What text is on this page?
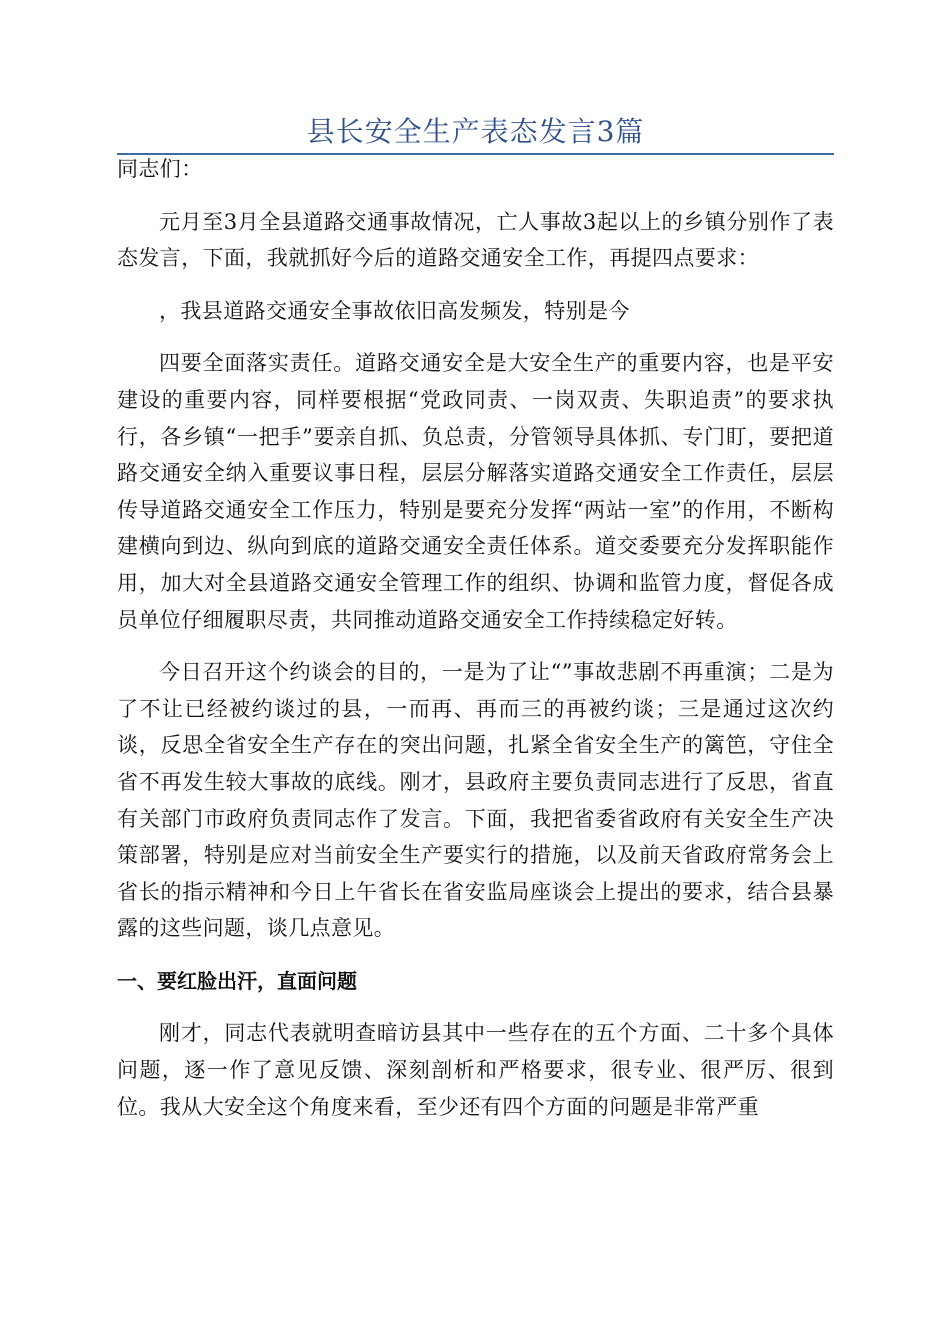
县长安全生产表态发言3篇

同志们：

元月至3月全县道路交通事故情况，亡人事故3起以上的乡镇分别作了表态发言，下面，我就抓好今后的道路交通安全工作，再提四点要求：

，我县道路交通安全事故依旧高发频发，特别是今

四要全面落实责任。道路交通安全是大安全生产的重要内容，也是平安建设的重要内容，同样要根据“党政同责、一岗双责、失职追责”的要求执行，各乡镇“一把手”要亲自抓、负总责，分管领导具体抓、专门盯，要把道路交通安全纳入重要议事日程，层层分解落实道路交通安全工作责任，层层传导道路交通安全工作压力，特别是要充分发挥“两站一室”的作用，不断构建横向到边、纵向到底的道路交通安全责任体系。道交委要充分发挥职能作用，加大对全县道路交通安全管理工作的组织、协调和监管力度，督促各成员单位仔细履职尽责，共同推动道路交通安全工作持续稳定好转。

今日召开这个约谈会的目的，一是为了让“”事故悲剧不再重演；二是为了不让已经被约谈过的县，一而再、再而三的再被约谈；三是通过这次约谈，反思全省安全生产存在的突出问题，扎紧全省安全生产的篱笆，守住全省不再发生较大事故的底线。刚才，县政府主要负责同志进行了反思，省直有关部门市政府负责同志作了发言。下面，我把省委省政府有关安全生产决策部署，特别是应对当前安全生产要实行的措施，以及前天省政府常务会上省长的指示精神和今日上午省长在省安监局座谈会上提出的要求，结合县暴露的这些问题，谈几点意见。

一、要红脸出汗，直面问题

刚才，同志代表就明查暗访县其中一些存在的五个方面、二十多个具体问题，逐一作了意见反馈、深刻剖析和严格要求，很专业、很严厉、很到位。我从大安全这个角度来看，至少还有四个方面的问题是非常严重
